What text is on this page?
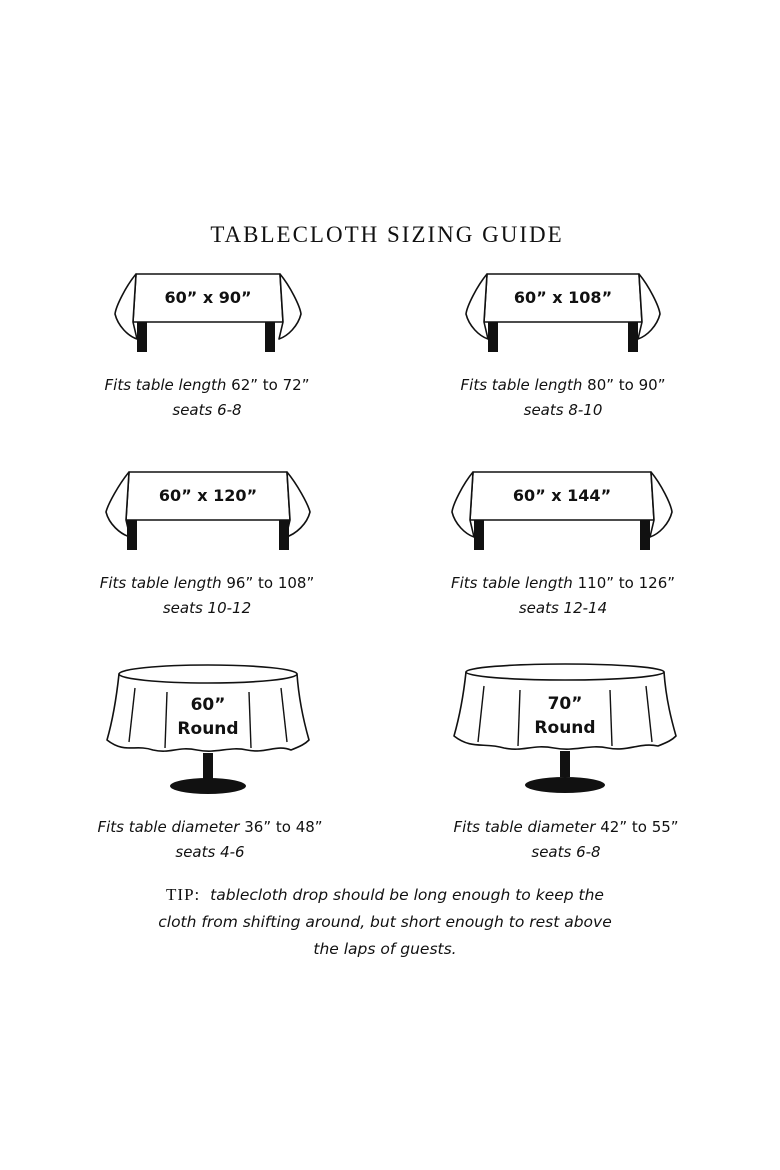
TABLECLOTH SIZING GUIDE
60” x 90”
Fits table length 62” to 72”
seats 6-8
60” x 108”
Fits table length 80” to 90”
seats 8-10
60” x 120”
Fits table length 96” to 108”
seats 10-12
60” x 144”
Fits table length 110” to 126”
seats 12-14
60”
Round
Fits table diameter 36” to 48”
seats 4-6
70”
Round
Fits table diameter 42” to 55”
seats 6-8
TIP: tablecloth drop should be long enough to keep the
cloth from shifting around, but short enough to rest above
the laps of guests.
